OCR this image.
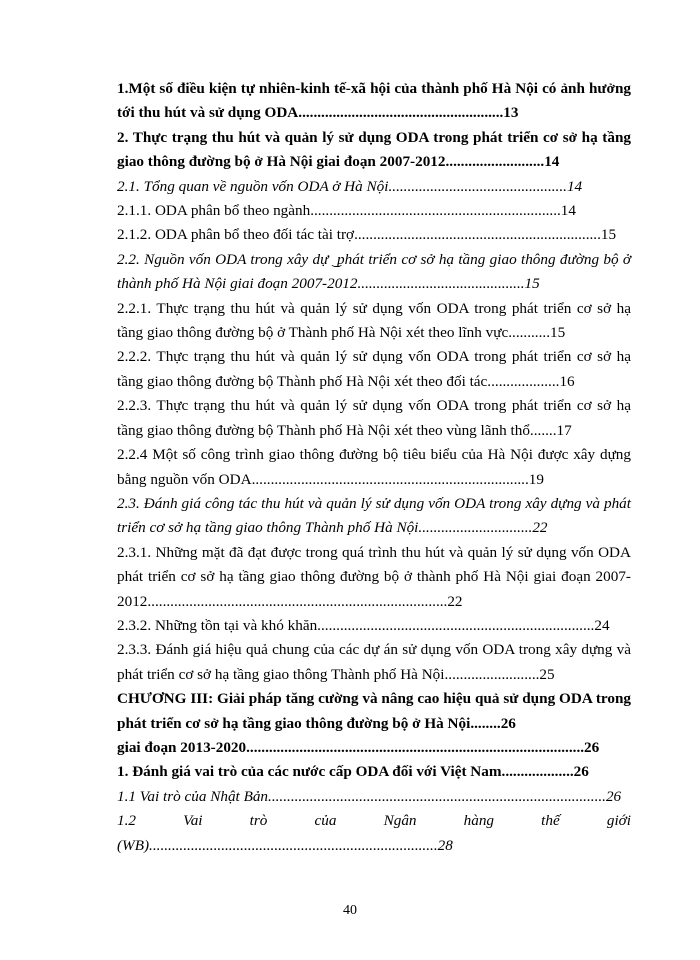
1.Một số điều kiện tự nhiên-kinh tế-xã hội của thành phố Hà Nội có ảnh hưởng tới thu hút và sử dụng ODA......................................................13

2. Thực trạng thu hút và quản lý sử dụng ODA trong phát triển cơ sở hạ tầng giao thông đường bộ ở Hà Nội giai đoạn 2007-2012..........................14

2.1. Tổng quan về nguồn vốn ODA ở Hà Nội...............................................14

2.1.1. ODA phân bổ theo ngành..................................................................14

2.1.2. ODA phân bổ theo đối tác tài trợ.................................................................15

2.2. Nguồn vốn ODA trong xây dự ͜ phát triển cơ sở hạ tầng giao thông đường bộ ở thành phố Hà Nội giai đoạn 2007-2012............................................15

2.2.1. Thực trạng thu hút và quản lý sử dụng vốn ODA trong phát triển cơ sở hạ tầng giao thông đường bộ ở Thành phố Hà Nội xét theo lĩnh vực...........15

2.2.2. Thực trạng thu hút và quản lý sử dụng vốn ODA trong phát triển cơ sở hạ tầng giao thông đường bộ Thành phố Hà Nội xét theo đối tác...................16

2.2.3. Thực trạng thu hút và quản lý sử dụng vốn ODA trong phát triển cơ sở hạ tầng giao thông đường bộ Thành phố Hà Nội xét theo vùng lãnh thổ.......17

2.2.4 Một số công trình giao thông đường bộ tiêu biểu của Hà Nội được xây dựng bằng nguồn vốn ODA.........................................................................19

2.3. Đánh giá công tác thu hút và quản lý sử dụng vốn ODA trong xây dựng và phát triển cơ sở hạ tầng giao thông Thành phố Hà Nội..............................22

2.3.1. Những mặt đã đạt được trong quá trình thu hút và quản lý sử dụng vốn ODA phát triển cơ sở hạ tầng giao thông đường bộ ở thành phố Hà Nội giai đoạn 2007-2012...............................................................................22

2.3.2. Những tồn tại và khó khăn.........................................................................24

2.3.3. Đánh giá hiệu quả chung của các dự án sử dụng vốn ODA trong xây dựng và phát triển cơ sở hạ tầng giao thông Thành phố Hà Nội.........................25

CHƯƠNG III: Giải pháp tăng cường và nâng cao hiệu quả sử dụng ODA trong phát triển cơ sở hạ tầng giao thông đường bộ ở Hà Nội........26

giai đoạn 2013-2020.........................................................................................26

1. Đánh giá vai trò của các nước cấp ODA đối với Việt Nam...................26

1.1 Vai trò của Nhật Bản.........................................................................................26

1.2 Vai trò của Ngân hàng thế giới (WB)............................................................................28

40
